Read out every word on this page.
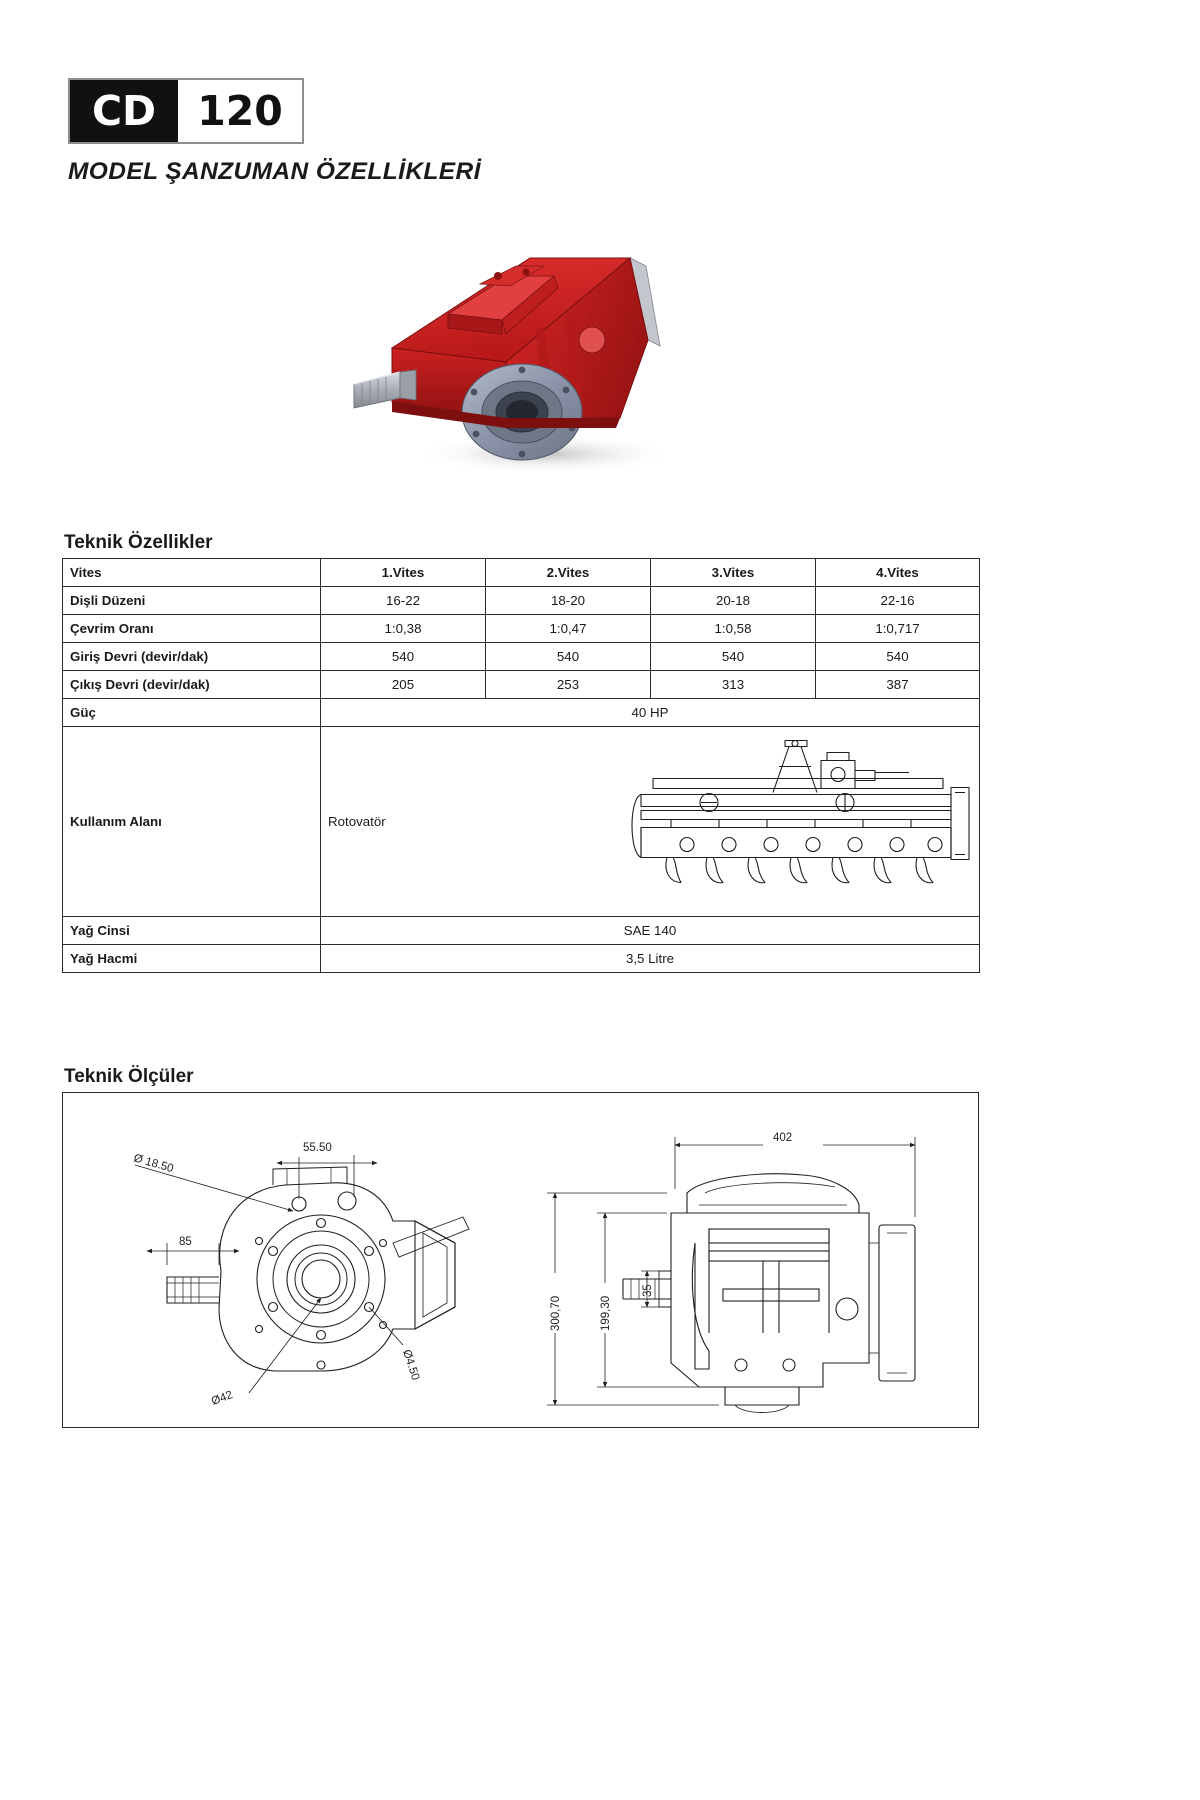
CD	120
MODEL ŞANZUMAN ÖZELLİKLERİ
Teknik Özellikler
Vites	1.Vites	2.Vites	3.Vites	4.Vites
Dişli Düzeni	16-22	18-20	20-18	22-16
Çevrim Oranı	1:0,38	1:0,47	1:0,58	1:0,717
Giriş Devri (devir/dak)	540	540	540	540
Çıkış Devri (devir/dak)	205	253	313	387
Güç	40 HP			
Kullanım Alanı	Rotovatör			

Yağ Cinsi	SAE 140			
Yağ Hacmi	3,5 Litre			
Teknik Ölçüler
Ø 18.50
55.50
85
Ø4.50
Ø42
402
300,70	199,30
35
